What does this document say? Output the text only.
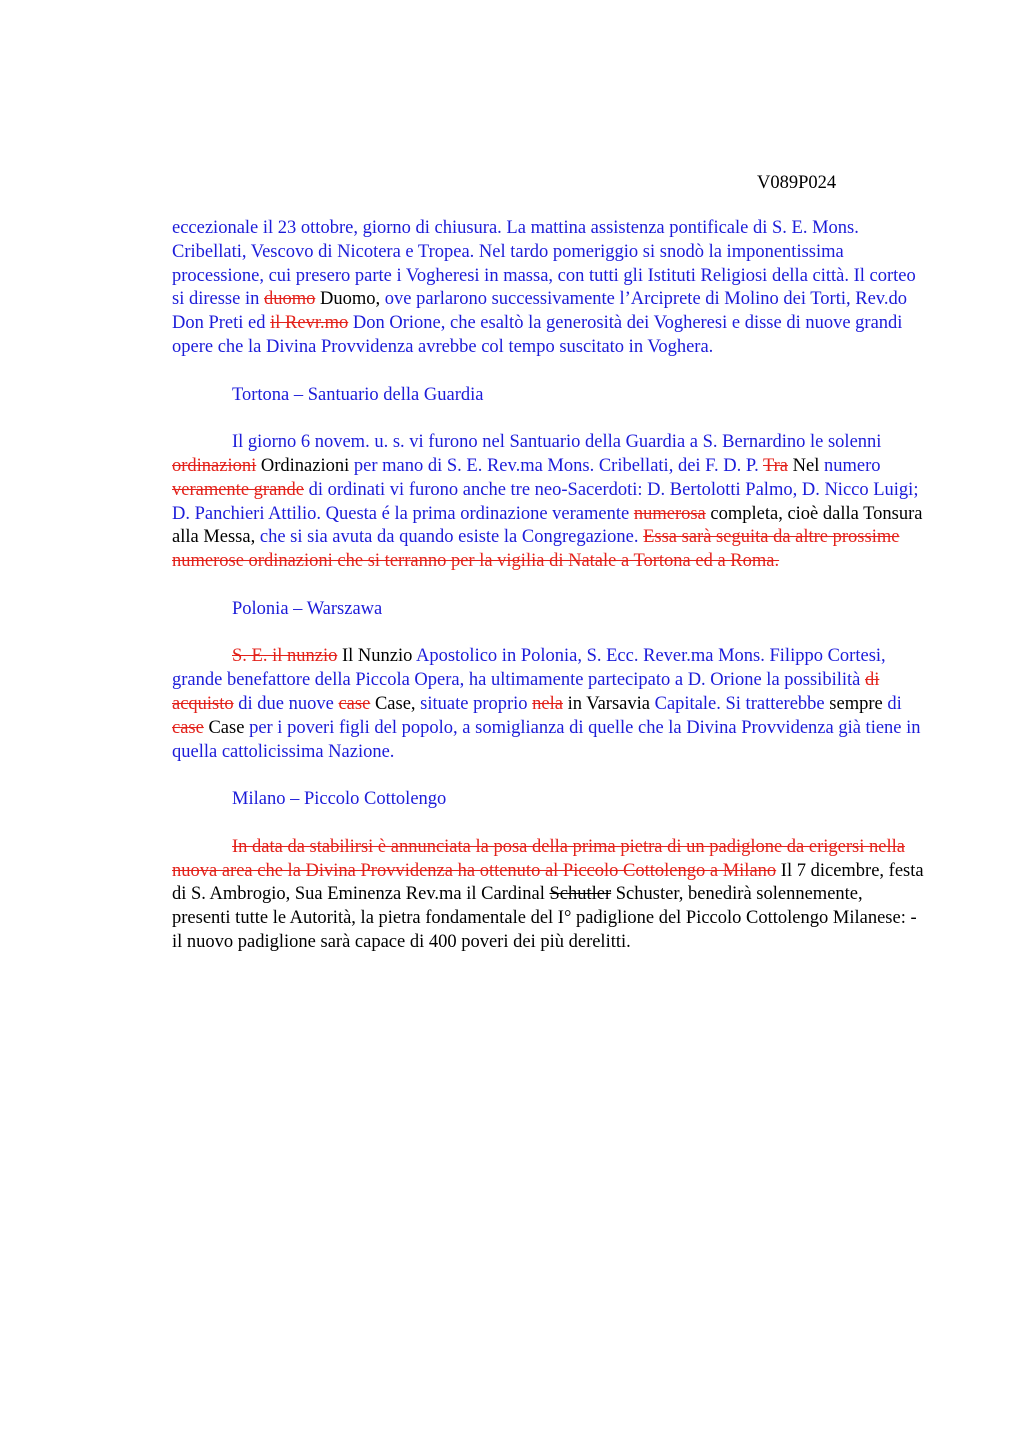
V089P024

eccezionale il 23 ottobre, giorno di chiusura. La mattina assistenza pontificale di S. E. Mons. Cribellati, Vescovo di Nicotera e Tropea. Nel tardo pomeriggio si snodò la imponentissima processione, cui presero parte i Vogheresi in massa, con tutti gli Istituti Religiosi della città. Il corteo si diresse in duomo Duomo, ove parlarono successivamente l’Arciprete di Molino dei Torti, Rev.do Don Preti ed il Revr.mo Don Orione, che esaltò la generosità dei Vogheresi e disse di nuove grandi opere che la Divina Provvidenza avrebbe col tempo suscitato in Voghera.

Tortona – Santuario della Guardia

Il giorno 6 novem. u. s. vi furono nel Santuario della Guardia a S. Bernardino le solenni ordinazioni Ordinazioni per mano di S. E. Rev.ma Mons. Cribellati, dei F. D. P. Tra Nel numero veramente grande di ordinati vi furono anche tre neo-Sacerdoti: D. Bertolotti Palmo, D. Nicco Luigi; D. Panchieri Attilio. Questa é la prima ordinazione veramente numerosa completa, cioè dalla Tonsura alla Messa, che si sia avuta da quando esiste la Congregazione. Essa sarà seguita da altre prossime numerose ordinazioni che si terranno per la vigilia di Natale a Tortona ed a Roma.

Polonia – Warszawa

S. E. il nunzio Il Nunzio Apostolico in Polonia, S. Ecc. Rever.ma Mons. Filippo Cortesi, grande benefattore della Piccola Opera, ha ultimamente partecipato a D. Orione la possibilità di acquisto di due nuove case Case, situate proprio nela in Varsavia Capitale. Si tratterebbe sempre di case Case per i poveri figli del popolo, a somiglianza di quelle che la Divina Provvidenza già tiene in quella cattolicissima Nazione.

Milano – Piccolo Cottolengo

In data da stabilirsi è annunciata la posa della prima pietra di un padiglone da erigersi nella nuova area che la Divina Provvidenza ha ottenuto al Piccolo Cottolengo a Milano Il 7 dicembre, festa di S. Ambrogio, Sua Eminenza Rev.ma il Cardinal Schutler Schuster, benedirà solennemente, presenti tutte le Autorità, la pietra fondamentale del I° padiglione del Piccolo Cottolengo Milanese: - il nuovo padiglione sarà capace di 400 poveri dei più derelitti.
